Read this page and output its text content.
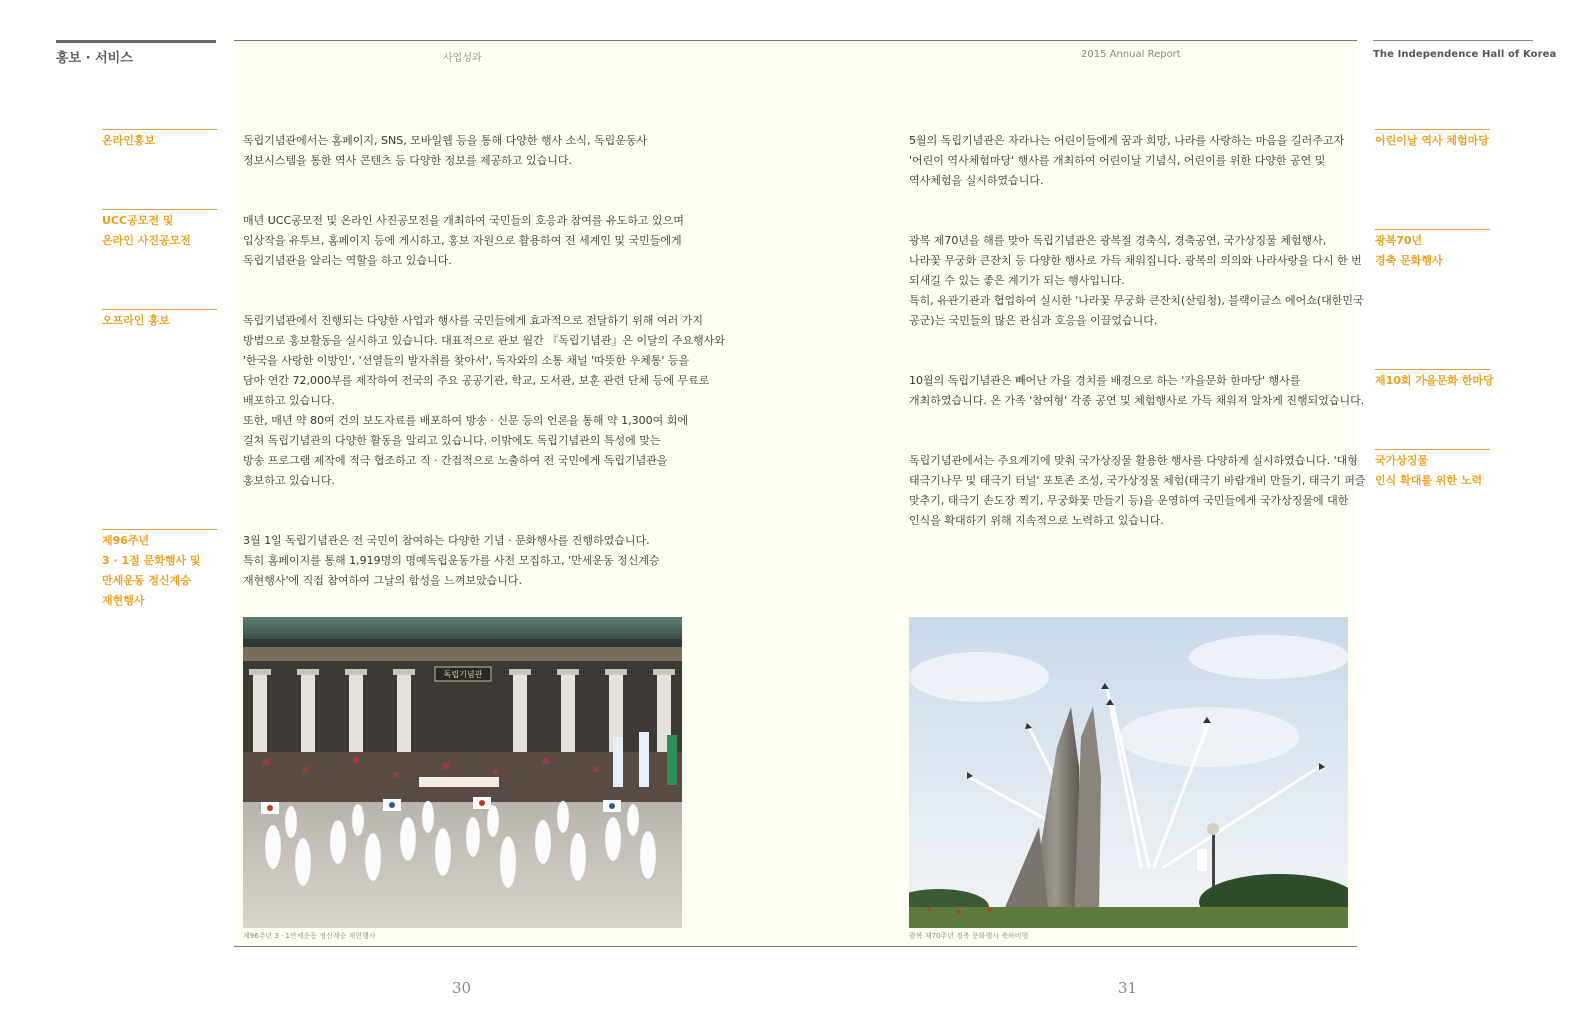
홍보 · 서비스	The Independence Hall of Korea
사업성과	2015 Annual Report
온라인홍보
UCC공모전 및
온라인 사진공모전
오프라인 홍보
제96주년
3 · 1절 문화행사 및
만세운동 정신계승
재현행사
독립기념관에서는 홈페이지, SNS, 모바일웹 등을 통해 다양한 행사 소식, 독립운동사
정보시스템을 통한 역사 콘텐츠 등 다양한 정보를 제공하고 있습니다.
매년 UCC공모전 및 온라인 사진공모전을 개최하여 국민들의 호응과 참여를 유도하고 있으며
입상작을 유투브, 홈페이지 등에 게시하고, 홍보 자원으로 활용하여 전 세계인 및 국민들에게
독립기념관을 알리는 역할을 하고 있습니다.
독립기념관에서 진행되는 다양한 사업과 행사를 국민들에게 효과적으로 전달하기 위해 여러 가지
방법으로 홍보활동을 실시하고 있습니다. 대표적으로 관보 월간 『독립기념관』은 이달의 주요행사와
'한국을 사랑한 이방인', '선열들의 발자취를 찾아서', 독자와의 소통 채널 '따뜻한 우체통' 등을
담아 연간 72,000부를 제작하여 전국의 주요 공공기관, 학교, 도서관, 보훈 관련 단체 등에 무료로
배포하고 있습니다.
또한, 매년 약 80여 건의 보도자료를 배포하여 방송 · 신문 등의 언론을 통해 약 1,300여 회에
걸쳐 독립기념관의 다양한 활동을 알리고 있습니다. 이밖에도 독립기념관의 특성에 맞는
방송 프로그램 제작에 적극 협조하고 직 · 간접적으로 노출하여 전 국민에게 독립기념관을
홍보하고 있습니다.
3월 1일 독립기념관은 전 국민이 참여하는 다양한 기념 · 문화행사를 진행하였습니다.
특히 홈페이지를 통해 1,919명의 명예독립운동가를 사전 모집하고, '만세운동 정신계승
재현행사'에 직접 참여하여 그날의 함성을 느껴보았습니다.
독립기념관
제96주년 3 · 1만세운동 정신계승 재현행사
5월의 독립기념관은 자라나는 어린이들에게 꿈과 희망, 나라를 사랑하는 마음을 길러주고자
'어린이 역사체험마당' 행사를 개최하여 어린이날 기념식, 어린이를 위한 다양한 공연 및
역사체험을 실시하였습니다.
광복 제70년을 해를 맞아 독립기념관은 광복절 경축식, 경축공연, 국가상징물 체험행사,
나라꽃 무궁화 큰잔치 등 다양한 행사로 가득 채워집니다. 광복의 의의와 나라사랑을 다시 한 번
되새길 수 있는 좋은 계기가 되는 행사입니다.
특히, 유관기관과 협업하여 실시한 '나라꽃 무궁화 큰잔치(산림청), 블랙이글스 에어쇼(대한민국
공군)는 국민들의 많은 관심과 호응을 이끌었습니다.
10월의 독립기념관은 빼어난 가을 경치를 배경으로 하는 '가을문화 한마당' 행사를
개최하였습니다. 온 가족 '참여형' 각종 공연 및 체험행사로 가득 채워져 알차게 진행되었습니다.
독립기념관에서는 주요계기에 맞춰 국가상징물 활용한 행사를 다양하게 실시하였습니다. '대형
태극기나무 및 태극기 터널' 포토존 조성, 국가상징물 체험(태극기 바람개비 만들기, 태극기 퍼즐
맞추기, 태극기 손도장 찍기, 무궁화꽃 만들기 등)을 운영하여 국민들에게 국가상징물에 대한
인식을 확대하기 위해 지속적으로 노력하고 있습니다.
어린이날 역사 체험마당
광복70년
경축 문화행사
제10회 가을문화 한마당
국가상징물
인식 확대를 위한 노력
광복 제70주년 경축 문화행사 축하비행
30	31
